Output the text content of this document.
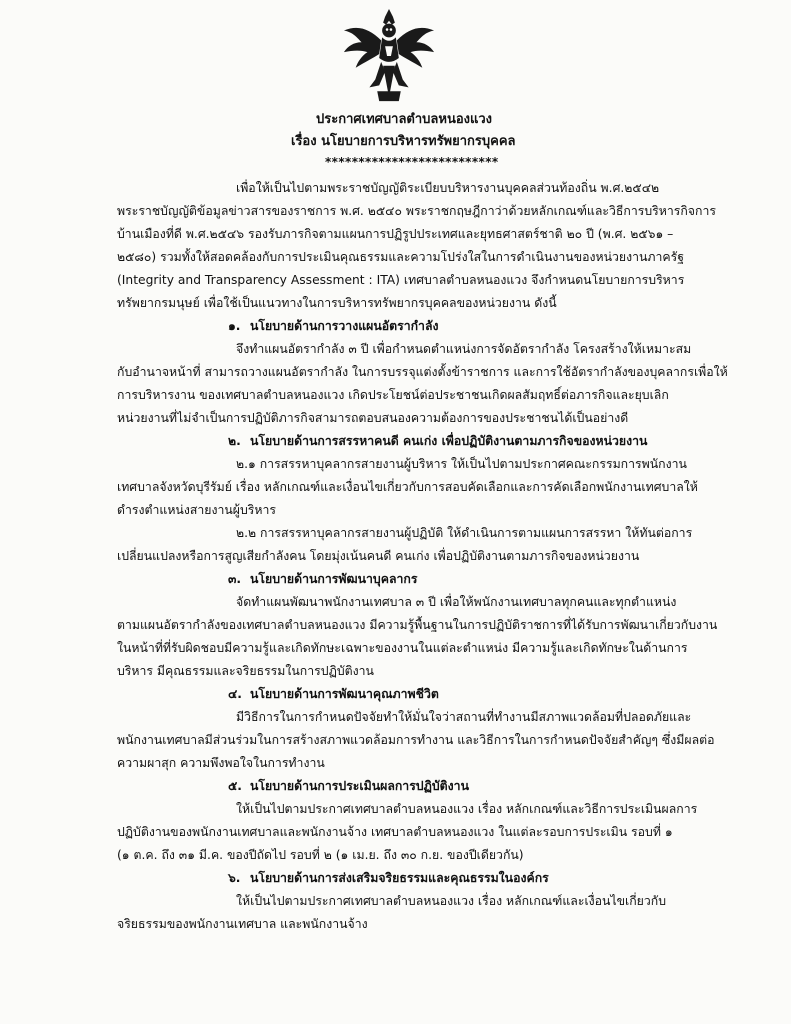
ประกาศเทศบาลตำบลหนองแวง
เรื่อง นโยบายการบริหารทรัพยากรบุคคล
**************************
เพื่อให้เป็นไปตามพระราชบัญญัติระเบียบบริหารงานบุคคลส่วนท้องถิ่น พ.ศ.๒๕๔๒
พระราชบัญญัติข้อมูลข่าวสารของราชการ พ.ศ. ๒๕๔๐ พระราชกฤษฎีกาว่าด้วยหลักเกณฑ์และวิธีการบริหารกิจการ
บ้านเมืองที่ดี พ.ศ.๒๕๔๖ รองรับภารกิจตามแผนการปฏิรูปประเทศและยุทธศาสตร์ชาติ ๒๐ ปี (พ.ศ. ๒๕๖๑ –
๒๕๘๐) รวมทั้งให้สอดคล้องกับการประเมินคุณธรรมและความโปร่งใสในการดำเนินงานของหน่วยงานภาครัฐ
(Integrity and Transparency Assessment : ITA) เทศบาลตำบลหนองแวง จึงกำหนดนโยบายการบริหาร
ทรัพยากรมนุษย์ เพื่อใช้เป็นแนวทางในการบริหารทรัพยากรบุคคลของหน่วยงาน ดังนี้
๑. นโยบายด้านการวางแผนอัตรากำลัง
จึงทำแผนอัตรากำลัง ๓ ปี เพื่อกำหนดตำแหน่งการจัดอัตรากำลัง โครงสร้างให้เหมาะสม
กับอำนาจหน้าที่ สามารถวางแผนอัตรากำลัง ในการบรรจุแต่งตั้งข้าราชการ และการใช้อัตรากำลังของบุคลากรเพื่อให้
การบริหารงาน ของเทศบาลตำบลหนองแวง เกิดประโยชน์ต่อประชาชนเกิดผลสัมฤทธิ์ต่อภารกิจและยุบเลิก
หน่วยงานที่ไม่จำเป็นการปฏิบัติภารกิจสามารถตอบสนองความต้องการของประชาชนได้เป็นอย่างดี
๒. นโยบายด้านการสรรหาคนดี คนเก่ง เพื่อปฏิบัติงานตามภารกิจของหน่วยงาน
๒.๑ การสรรหาบุคลากรสายงานผู้บริหาร ให้เป็นไปตามประกาศคณะกรรมการพนักงาน
เทศบาลจังหวัดบุรีรัมย์ เรื่อง หลักเกณฑ์และเงื่อนไขเกี่ยวกับการสอบคัดเลือกและการคัดเลือกพนักงานเทศบาลให้
ดำรงตำแหน่งสายงานผู้บริหาร
๒.๒ การสรรหาบุคลากรสายงานผู้ปฏิบัติ ให้ดำเนินการตามแผนการสรรหา ให้ทันต่อการ
เปลี่ยนแปลงหรือการสูญเสียกำลังคน โดยมุ่งเน้นคนดี คนเก่ง เพื่อปฏิบัติงานตามภารกิจของหน่วยงาน
๓. นโยบายด้านการพัฒนาบุคลากร
จัดทำแผนพัฒนาพนักงานเทศบาล ๓ ปี เพื่อให้พนักงานเทศบาลทุกคนและทุกตำแหน่ง
ตามแผนอัตรากำลังของเทศบาลตำบลหนองแวง มีความรู้พื้นฐานในการปฏิบัติราชการที่ได้รับการพัฒนาเกี่ยวกับงาน
ในหน้าที่ที่รับผิดชอบมีความรู้และเกิดทักษะเฉพาะของงานในแต่ละตำแหน่ง มีความรู้และเกิดทักษะในด้านการ
บริหาร มีคุณธรรมและจริยธรรมในการปฏิบัติงาน
๔. นโยบายด้านการพัฒนาคุณภาพชีวิต
มีวิธีการในการกำหนดปัจจัยทำให้มั่นใจว่าสถานที่ทำงานมีสภาพแวดล้อมที่ปลอดภัยและ
พนักงานเทศบาลมีส่วนร่วมในการสร้างสภาพแวดล้อมการทำงาน และวิธีการในการกำหนดปัจจัยสำคัญๆ ซึ่งมีผลต่อ
ความผาสุก ความพึงพอใจในการทำงาน
๕. นโยบายด้านการประเมินผลการปฏิบัติงาน
ให้เป็นไปตามประกาศเทศบาลตำบลหนองแวง เรื่อง หลักเกณฑ์และวิธีการประเมินผลการ
ปฏิบัติงานของพนักงานเทศบาลและพนักงานจ้าง เทศบาลตำบลหนองแวง ในแต่ละรอบการประเมิน รอบที่ ๑
(๑ ต.ค. ถึง ๓๑ มี.ค. ของปีถัดไป รอบที่ ๒ (๑ เม.ย. ถึง ๓๐ ก.ย. ของปีเดียวกัน)
๖. นโยบายด้านการส่งเสริมจริยธรรมและคุณธรรมในองค์กร
ให้เป็นไปตามประกาศเทศบาลตำบลหนองแวง เรื่อง หลักเกณฑ์และเงื่อนไขเกี่ยวกับ
จริยธรรมของพนักงานเทศบาล และพนักงานจ้าง
